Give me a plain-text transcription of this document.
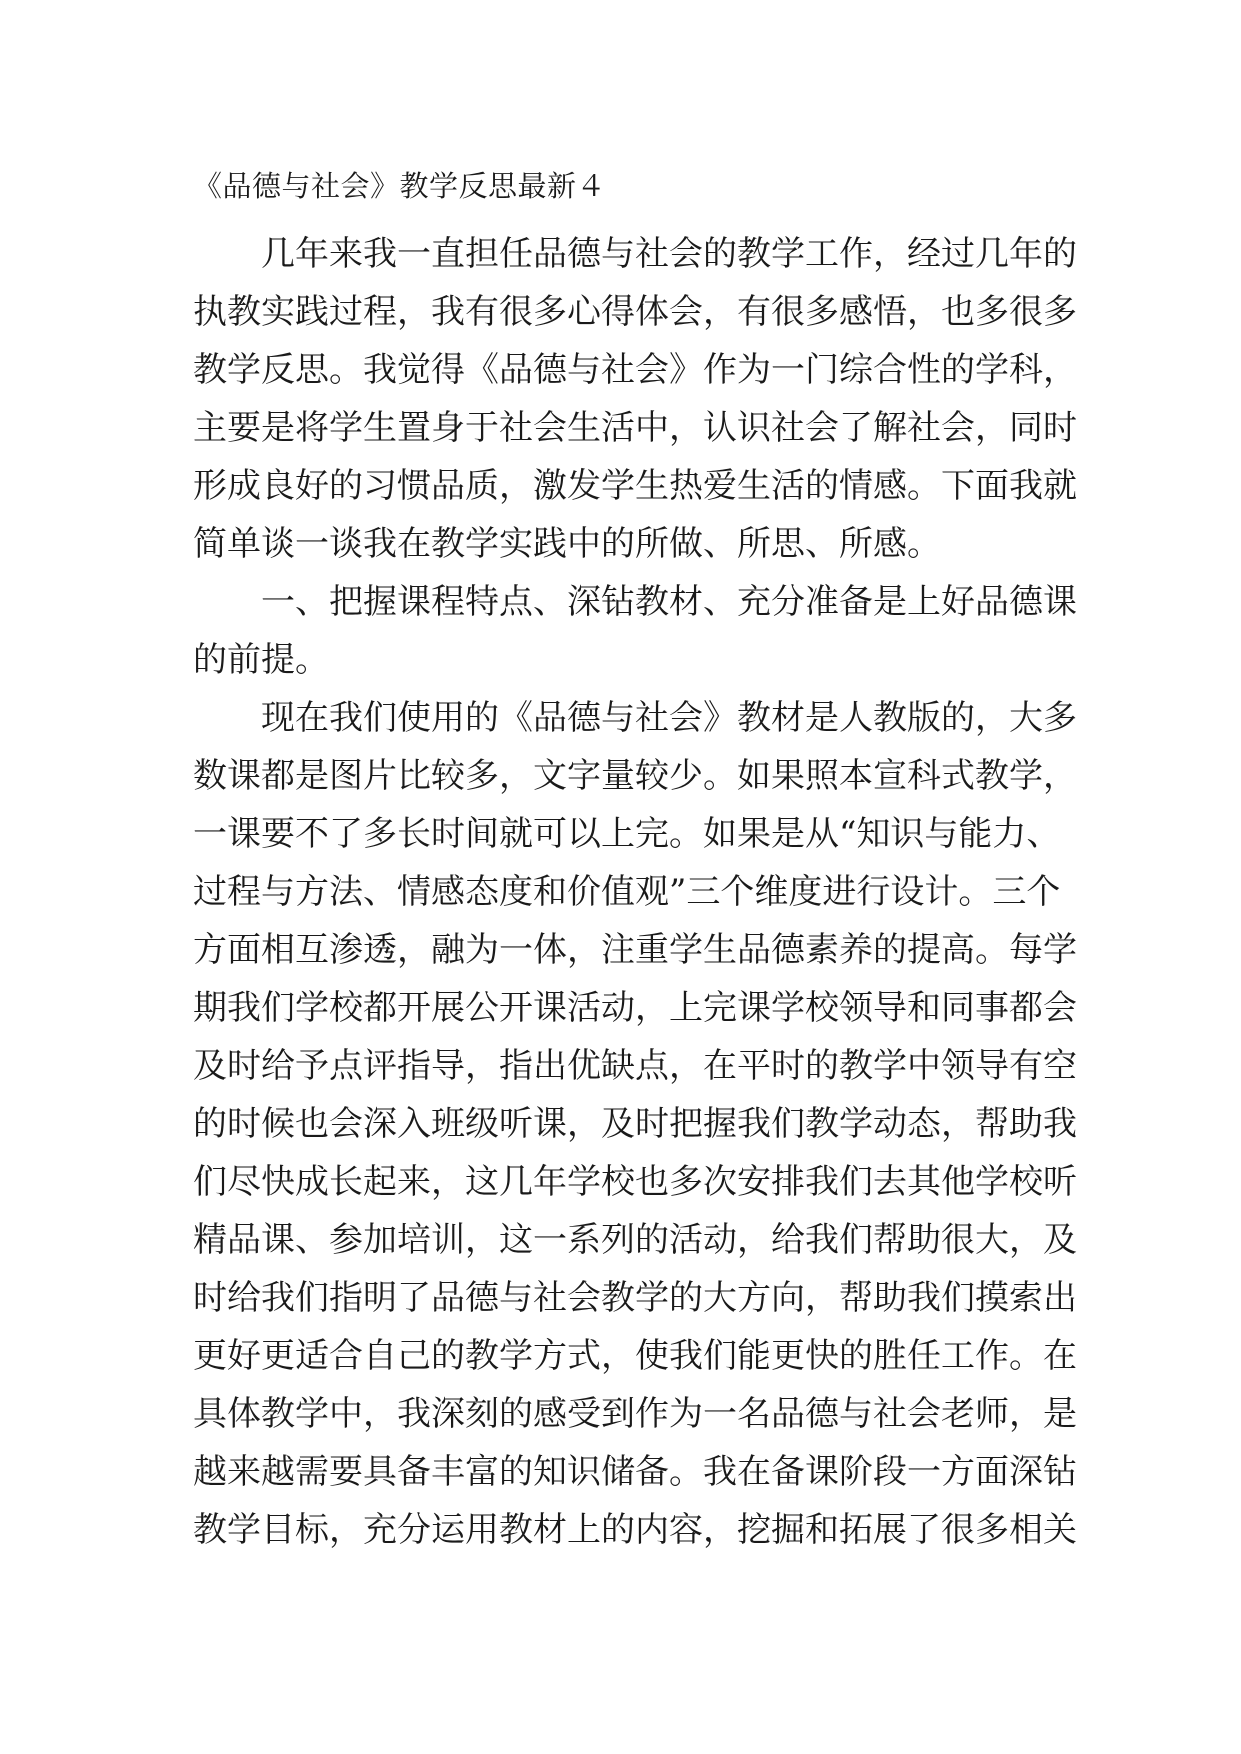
《品德与社会》教学反思最新４
几年来我一直担任品德与社会的教学工作，经过几年的
执教实践过程，我有很多心得体会，有很多感悟，也多很多
教学反思。我觉得《品德与社会》作为一门综合性的学科，
主要是将学生置身于社会生活中，认识社会了解社会，同时
形成良好的习惯品质，激发学生热爱生活的情感。下面我就
简单谈一谈我在教学实践中的所做、所思、所感。
一、把握课程特点、深钻教材、充分准备是上好品德课
的前提。
现在我们使用的《品德与社会》教材是人教版的，大多
数课都是图片比较多，文字量较少。如果照本宣科式教学，
一课要不了多长时间就可以上完。如果是从“知识与能力、
过程与方法、情感态度和价值观”三个维度进行设计。三个
方面相互渗透，融为一体，注重学生品德素养的提高。每学
期我们学校都开展公开课活动，上完课学校领导和同事都会
及时给予点评指导，指出优缺点，在平时的教学中领导有空
的时候也会深入班级听课，及时把握我们教学动态，帮助我
们尽快成长起来，这几年学校也多次安排我们去其他学校听
精品课、参加培训，这一系列的活动，给我们帮助很大，及
时给我们指明了品德与社会教学的大方向，帮助我们摸索出
更好更适合自己的教学方式，使我们能更快的胜任工作。在
具体教学中，我深刻的感受到作为一名品德与社会老师，是
越来越需要具备丰富的知识储备。我在备课阶段一方面深钻
教学目标，充分运用教材上的内容，挖掘和拓展了很多相关
